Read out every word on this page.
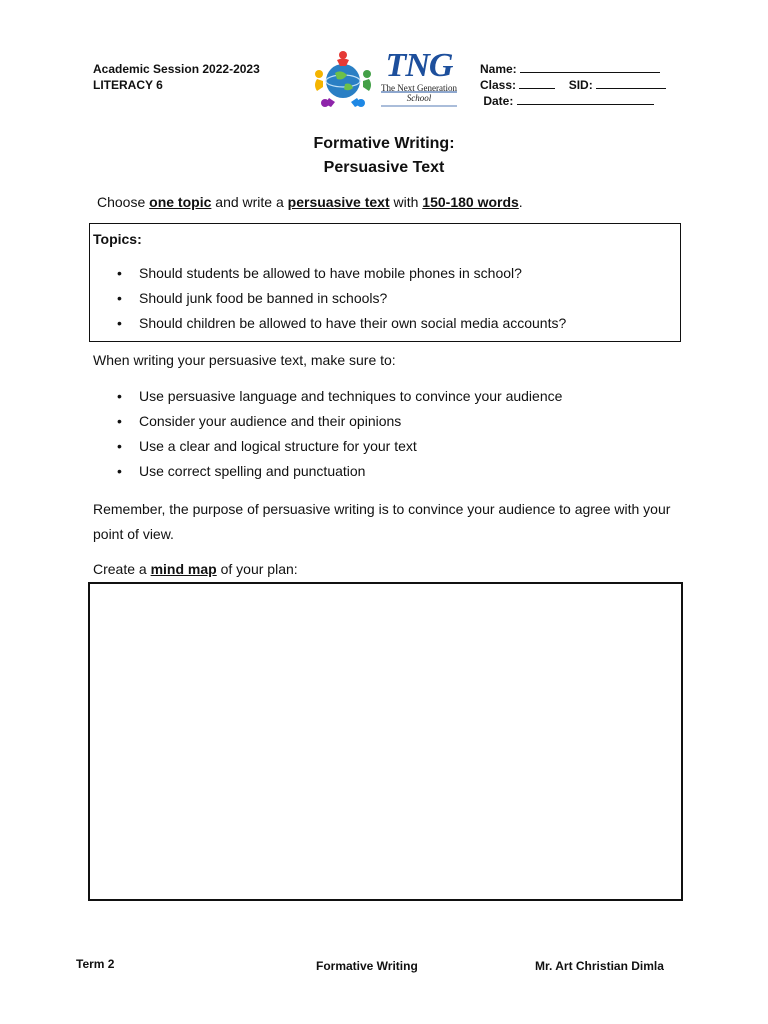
Academic Session 2022-2023
LITERACY 6
TNG
The Next Generation
School
Name:
Class:	SID:
Date:
Formative Writing:
Persuasive Text
Choose one topic and write a persuasive text with 150-180 words.
Topics:
• Should students be allowed to have mobile phones in school?
• Should junk food be banned in schools?
• Should children be allowed to have their own social media accounts?
When writing your persuasive text, make sure to:
• Use persuasive language and techniques to convince your audience
• Consider your audience and their opinions
• Use a clear and logical structure for your text
• Use correct spelling and punctuation
Remember, the purpose of persuasive writing is to convince your audience to agree with your point of view.
Create a mind map of your plan:
Term 2	Formative Writing	Mr. Art Christian Dimla
